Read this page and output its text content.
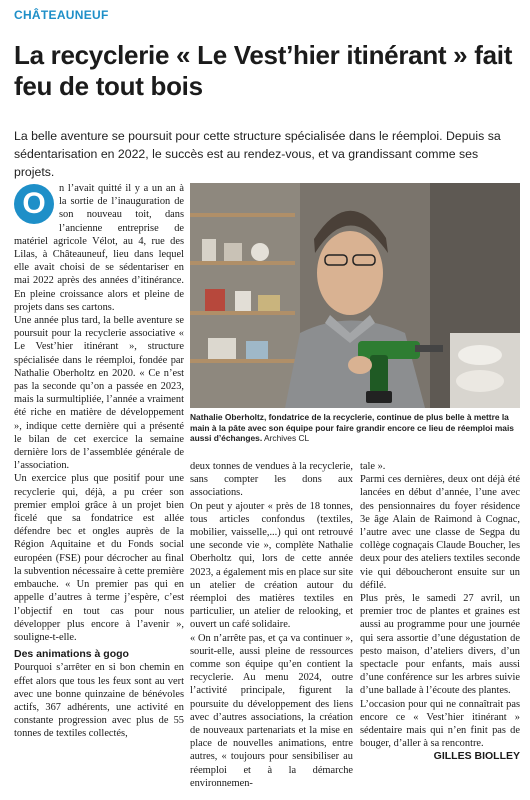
CHÂTEAUNEUF
La recyclerie « Le Vest’hier itinérant » fait feu de tout bois

La belle aventure se poursuit pour cette structure spécialisée dans le réemploi. Depuis sa sédentarisation en 2022, le succès est au rendez-vous, et va grandissant comme ses projets.

O	n l’avait quitté il y a un an à la sortie de l’inauguration de son nouveau toit, dans l’ancienne entreprise de matériel agricole Vélot, au 4, rue des Lilas, à Châteauneuf, lieu dans lequel elle avait choisi de se sédentariser en mai 2022 après des années d’itinérance. En pleine croissance alors et pleine de projets dans ses cartons.

Une année plus tard, la belle aventure se poursuit pour la recyclerie associative « Le Vest’hier itinérant », structure spécialisée dans le réemploi, fondée par Nathalie Oberholtz en 2020. « Ce n’est pas la seconde qu’on a passée en 2023, mais la surmultipliée, l’année a vraiment été riche en matière de développement », indique cette dernière qui a présenté le bilan de cet exercice la semaine dernière lors de l’assemblée générale de l’association.

Un exercice plus que positif pour une recyclerie qui, déjà, a pu créer son premier emploi grâce à un projet bien ficelé que sa fondatrice est allée défendre bec et ongles auprès de la Région Aquitaine et du Fonds social européen (FSE) pour décrocher au final la subvention nécessaire à cette première embauche. « Un premier pas qui en appelle d’autres à terme j’espère, c’est l’objectif en tout cas pour nous développer plus encore à l’avenir », souligne-t-elle.

Des animations à gogo

Pourquoi s’arrêter en si bon chemin en effet alors que tous les feux sont au vert avec une bonne quinzaine de bénévoles actifs, 367 adhérents, une activité en constante progression avec plus de 55 tonnes de textiles collectés,

Nathalie Oberholtz, fondatrice de la recyclerie, continue de plus belle à mettre la main à la pâte avec son équipe pour faire grandir encore ce lieu de réemploi mais aussi d’échanges. Archives CL

deux tonnes de vendues à la recyclerie, sans compter les dons aux associations.

On peut y ajouter « près de 18 tonnes, tous articles confondus (textiles, mobilier, vaisselle,...) qui ont retrouvé une seconde vie », complète Nathalie Oberholtz qui, lors de cette année 2023, a également mis en place sur site un atelier de création autour du réemploi des matières textiles en particulier, un atelier de relooking, et ouvert un café solidaire.

« On n’arrête pas, et ça va continuer », sourit-elle, aussi pleine de ressources comme son équipe qu’en contient la recyclerie. Au menu 2024, outre l’activité principale, figurent la poursuite du développement des liens avec d’autres associations, la création de nouveaux partenariats et la mise en place de nouvelles animations, entre autres, « toujours pour sensibiliser au réemploi et à la démarche environnemen-

tale ».

Parmi ces dernières, deux ont déjà été lancées en début d’année, l’une avec des pensionnaires du foyer résidence 3e âge Alain de Raimond à Cognac, l’autre avec une classe de Segpa du collège cognaçais Claude Boucher, les deux pour des ateliers textiles seconde vie qui déboucheront ensuite sur un défilé.

Plus près, le samedi 27 avril, un premier troc de plantes et graines est aussi au programme pour une journée qui sera assortie d’une dégustation de pesto maison, d’ateliers divers, d’un spectacle pour enfants, mais aussi d’une conférence sur les arbres suivie d’une ballade à l’écoute des plantes.

L’occasion pour qui ne connaîtrait pas encore ce « Vest’hier itinérant » sédentaire mais qui n’en finit pas de bouger, d’aller à sa rencontre.

GILLES BIOLLEY
